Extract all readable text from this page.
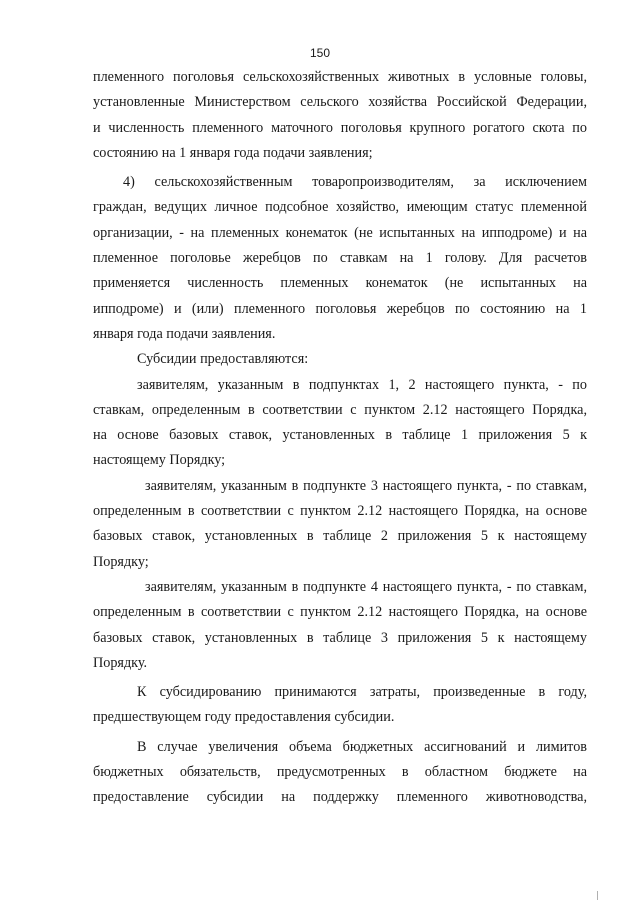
150
племенного поголовья сельскохозяйственных животных в условные головы,
установленные Министерством сельского хозяйства Российской Федерации,
и численность племенного маточного поголовья крупного рогатого скота по
состоянию на 1 января года подачи заявления;
4) сельскохозяйственным товаропроизводителям, за исключением
граждан, ведущих личное подсобное хозяйство, имеющим статус племенной
организации, - на племенных конематок (не испытанных на ипподроме) и на
племенное поголовье жеребцов по ставкам на 1 голову. Для расчетов
применяется численность племенных конематок (не испытанных на
ипподроме) и (или) племенного поголовья жеребцов по состоянию на 1
января года подачи заявления.
Субсидии предоставляются:
заявителям, указанным в подпунктах 1, 2 настоящего пункта, - по
ставкам, определенным в соответствии с пунктом 2.12 настоящего Порядка,
на основе базовых ставок, установленных в таблице 1 приложения 5 к
настоящему Порядку;
заявителям, указанным в подпункте 3 настоящего пункта, - по ставкам,
определенным в соответствии с пунктом 2.12 настоящего Порядка, на основе
базовых ставок, установленных в таблице 2 приложения 5 к настоящему
Порядку;
заявителям, указанным в подпункте 4 настоящего пункта, - по ставкам,
определенным в соответствии с пунктом 2.12 настоящего Порядка, на основе
базовых ставок, установленных в таблице 3 приложения 5 к настоящему
Порядку.
К субсидированию принимаются затраты, произведенные в году,
предшествующем году предоставления субсидии.
В случае увеличения объема бюджетных ассигнований и лимитов
бюджетных обязательств, предусмотренных в областном бюджете на
предоставление субсидии на поддержку племенного животноводства,
